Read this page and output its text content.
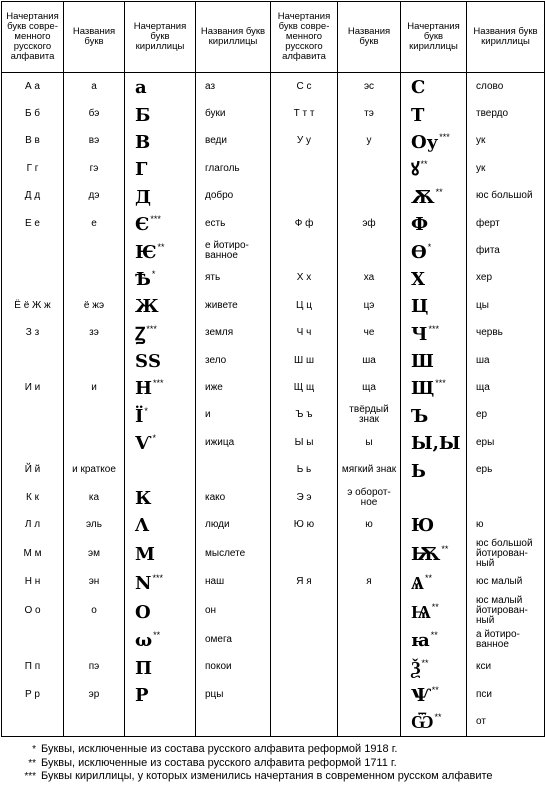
Начертания букв совре- менного русского алфавита	Названия букв	Начертания букв кириллицы	Названия букв кириллицы	Начертания букв совре- менного русского алфавита	Названия букв	Начертания букв кириллицы	Названия букв кириллицы
А а	а	а	аз	С с	эс	С	слово
Б б	бэ	Б	буки	Т т т	тэ	Т	твердо
В в	вэ	В	веди	У у	у	Оу***	ук
Г г	гэ	Г	глаголь			ꙋ**	ук
Д д	дэ	Д	добро			Ѫ**	юс большой
Е е	е	Є***	есть	Ф ф	эф	Ф	ферт
		Ѥ**	е йотиро- ванное			Ѳ*	фита
		Ѣ*	ять	Х х	ха	Х	хер
Ё ё Ж ж	ё жэ	Ж	живете	Ц ц	цэ	Ц	цы
З з	зэ	Ꙁ***	земля	Ч ч	че	Ч***	червь
		ЅS	зело	Ш ш	ша	Ш	ша
И и	и	Н***	иже	Щ щ	ща	Щ***	ща
		Ї*	и	Ъ ъ	твёрдый знак	Ъ	ер
		Ѵ*	ижица	Ы ы	ы	Ы,Ы	еры
Й й	и краткое			Ь ь	мягкий знак	Ь	ерь
К к	ка	К	како	Э э	э оборот- ное		
Л л	эль	Λ	люди	Ю ю	ю	Ю	ю
М м	эм	М	мыслете			Ѭ**	юс большой йотирован- ный
Н н	эн	N***	наш	Я я	я	Ѧ**	юс малый
О о	о	О	он			Ѩ**	юс малый йотирован- ный
		ω**	омега			ꙗ**	а йотиро- ванное
П п	пэ	П	покои			Ѯ**	кси
Р р	эр	Р	рцы			Ѱ**	пси
						Ѿ**	от
* Буквы, исключенные из состава русского алфавита реформой 1918 г.
** Буквы, исключенные из состава русского алфавита реформой 1711 г.
*** Буквы кириллицы, у которых изменились начертания в современном русском алфавите
